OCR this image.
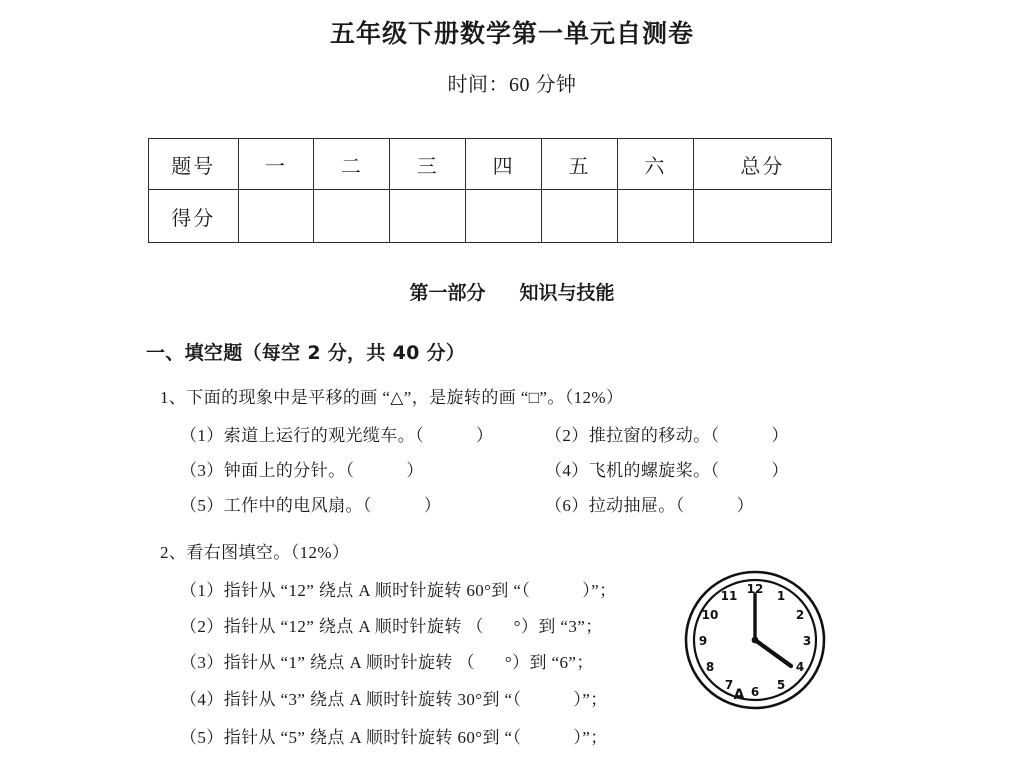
五年级下册数学第一单元自测卷
时间：60 分钟
题号	一	二	三	四	五	六	总分
得分							
第一部分 知识与技能
一、填空题（每空 2 分，共 40 分）
1、下面的现象中是平移的画 “△”，是旋转的画 “□”。（12%）
（1）索道上运行的观光缆车。（	）	（2）推拉窗的移动。（	）
（3）钟面上的分针。（	）	（4）飞机的螺旋桨。（	）
（5）工作中的电风扇。（	）	（6）拉动抽屉。（	）
2、看右图填空。（12%）
（1）指针从 “12” 绕点 A 顺时针旋转 60°到 “（	）”；
（2）指针从 “12” 绕点 A 顺时针旋转 （ °）到 “3”；
（3）指针从 “1” 绕点 A 顺时针旋转 （ °）到 “6”；
（4）指针从 “3” 绕点 A 顺时针旋转 30°到 “（	）”；
（5）指针从 “5” 绕点 A 顺时针旋转 60°到 “（	）”；
12 1
2
3
4
5
6
7
8
9
10
11
A
